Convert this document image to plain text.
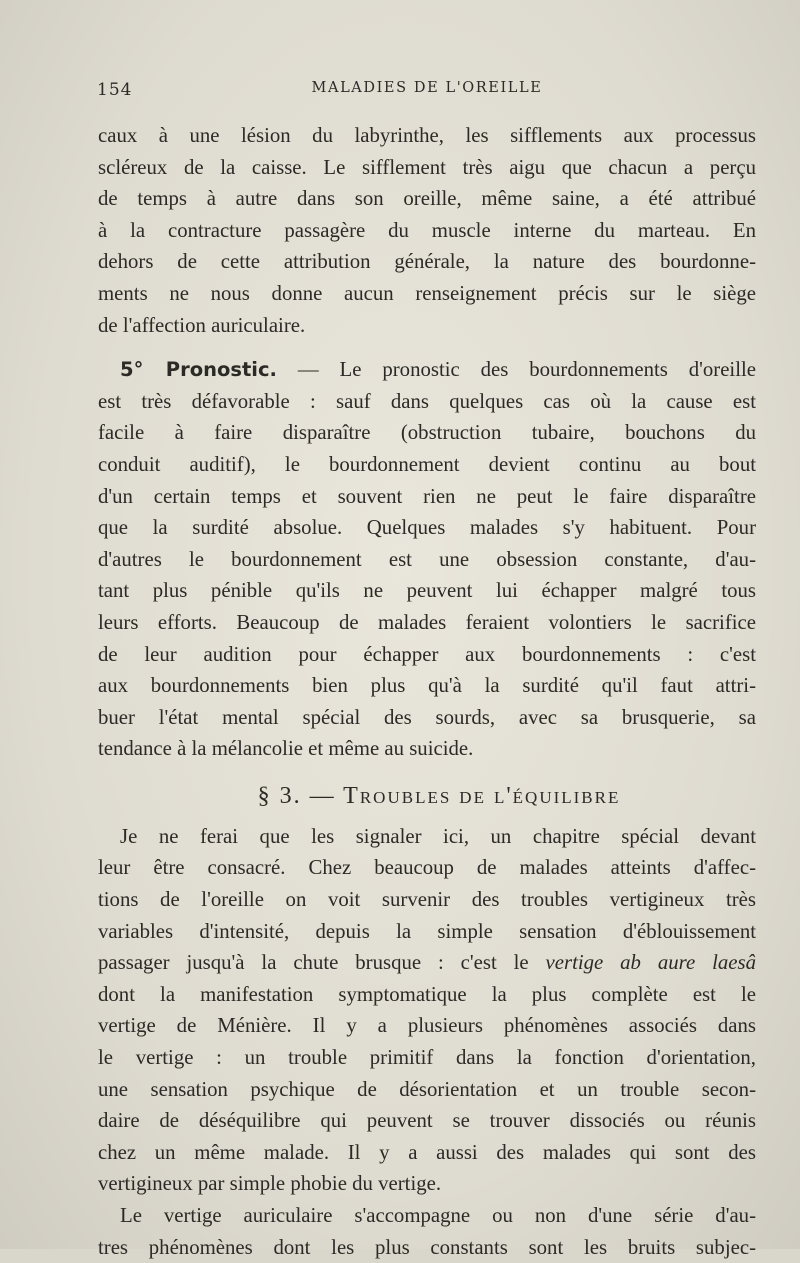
154	MALADIES DE L'OREILLE
caux à une lésion du labyrinthe, les sifflements aux processus
scléreux de la caisse. Le sifflement très aigu que chacun a perçu
de temps à autre dans son oreille, même saine, a été attribué
à la contracture passagère du muscle interne du marteau. En
dehors de cette attribution générale, la nature des bourdonne-
ments ne nous donne aucun renseignement précis sur le siège
de l'affection auriculaire.
5° Pronostic. — Le pronostic des bourdonnements d'oreille
est très défavorable : sauf dans quelques cas où la cause est
facile à faire disparaître (obstruction tubaire, bouchons du
conduit auditif), le bourdonnement devient continu au bout
d'un certain temps et souvent rien ne peut le faire disparaître
que la surdité absolue. Quelques malades s'y habituent. Pour
d'autres le bourdonnement est une obsession constante, d'au-
tant plus pénible qu'ils ne peuvent lui échapper malgré tous
leurs efforts. Beaucoup de malades feraient volontiers le sacrifice
de leur audition pour échapper aux bourdonnements : c'est
aux bourdonnements bien plus qu'à la surdité qu'il faut attri-
buer l'état mental spécial des sourds, avec sa brusquerie, sa
tendance à la mélancolie et même au suicide.
§ 3. — Troubles de l'équilibre
Je ne ferai que les signaler ici, un chapitre spécial devant
leur être consacré. Chez beaucoup de malades atteints d'affec-
tions de l'oreille on voit survenir des troubles vertigineux très
variables d'intensité, depuis la simple sensation d'éblouissement
passager jusqu'à la chute brusque : c'est le vertige ab aure laesâ
dont la manifestation symptomatique la plus complète est le
vertige de Ménière. Il y a plusieurs phénomènes associés dans
le vertige : un trouble primitif dans la fonction d'orientation,
une sensation psychique de désorientation et un trouble secon-
daire de déséquilibre qui peuvent se trouver dissociés ou réunis
chez un même malade. Il y a aussi des malades qui sont des
vertigineux par simple phobie du vertige.
Le vertige auriculaire s'accompagne ou non d'une série d'au-
tres phénomènes dont les plus constants sont les bruits subjec-
